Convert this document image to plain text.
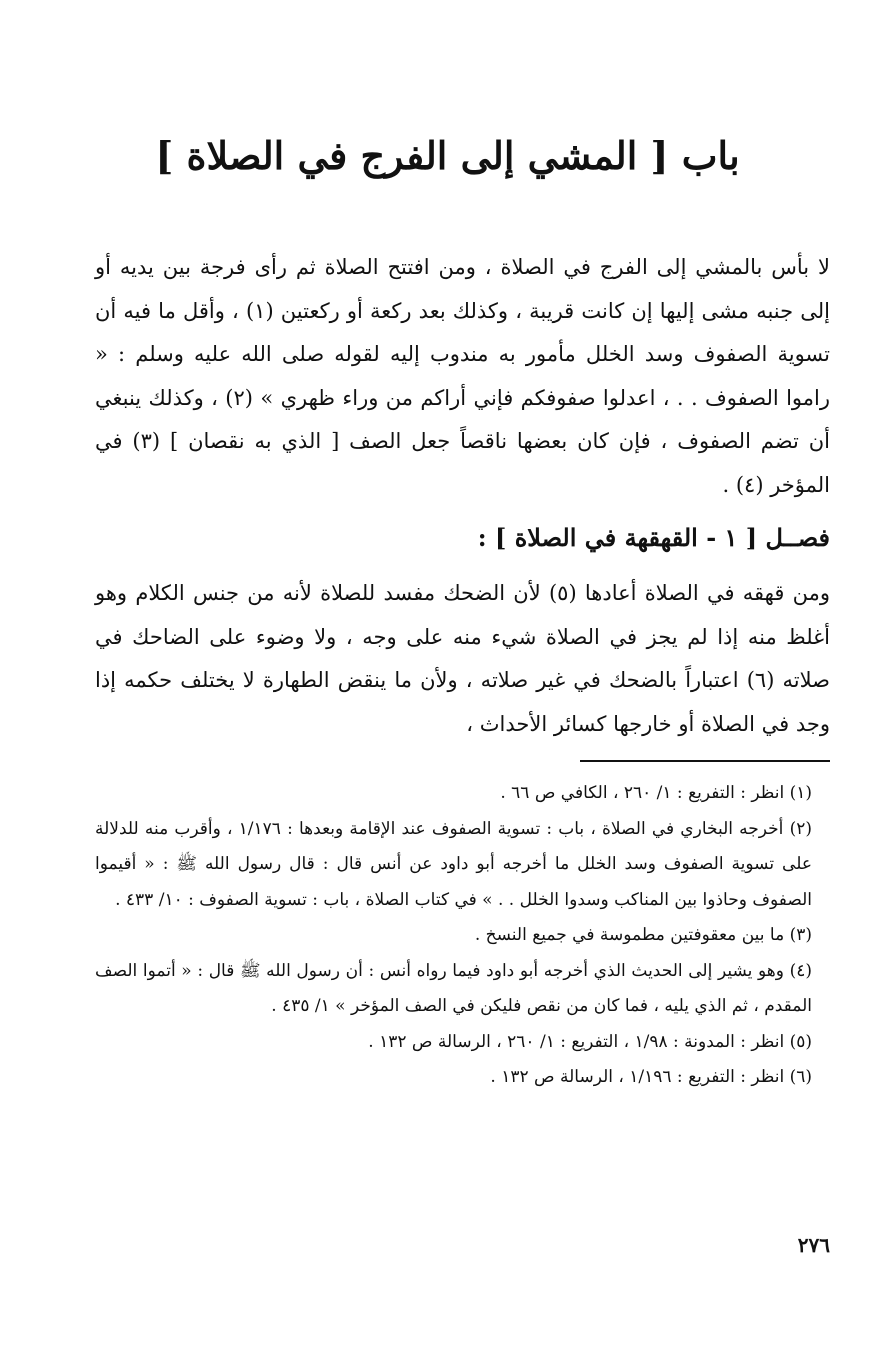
باب [ المشي إلى الفرج في الصلاة ]

لا بأس بالمشي إلى الفرج في الصلاة ، ومن افتتح الصلاة ثم رأى فرجة بين يديه أو إلى جنبه مشى إليها إن كانت قريبة ، وكذلك بعد ركعة أو ركعتين (١) ، وأقل ما فيه أن تسوية الصفوف وسد الخلل مأمور به مندوب إليه لقوله صلى الله عليه وسلم : « راموا الصفوف . . ، اعدلوا صفوفكم فإني أراكم من وراء ظهري » (٢) ، وكذلك ينبغي أن تضم الصفوف ، فإن كان بعضها ناقصاً جعل الصف [ الذي به نقصان ] (٣) في المؤخر (٤) .

فصــل [ ١ - القهقهة في الصلاة ] :

ومن قهقه في الصلاة أعادها (٥) لأن الضحك مفسد للصلاة لأنه من جنس الكلام وهو أغلظ منه إذا لم يجز في الصلاة شيء منه على وجه ، ولا وضوء على الضاحك في صلاته (٦) اعتباراً بالضحك في غير صلاته ، ولأن ما ينقض الطهارة لا يختلف حكمه إذا وجد في الصلاة أو خارجها كسائر الأحداث ،

(١) انظر : التفريع : ١/ ٢٦٠ ، الكافي ص ٦٦ .
(٢) أخرجه البخاري في الصلاة ، باب : تسوية الصفوف عند الإقامة وبعدها : ١/١٧٦ ، وأقرب منه للدلالة على تسوية الصفوف وسد الخلل ما أخرجه أبو داود عن أنس قال : قال رسول الله ﷺ : « أقيموا الصفوف وحاذوا بين المناكب وسدوا الخلل . . » في كتاب الصلاة ، باب : تسوية الصفوف : ١٠/ ٤٣٣ .
(٣) ما بين معقوفتين مطموسة في جميع النسخ .
(٤) وهو يشير إلى الحديث الذي أخرجه أبو داود فيما رواه أنس : أن رسول الله ﷺ قال : « أتموا الصف المقدم ، ثم الذي يليه ، فما كان من نقص فليكن في الصف المؤخر » ١/ ٤٣٥ .
(٥) انظر : المدونة : ١/٩٨ ، التفريع : ١/ ٢٦٠ ، الرسالة ص ١٣٢ .
(٦) انظر : التفريع : ١/١٩٦ ، الرسالة ص ١٣٢ .
٢٧٦
